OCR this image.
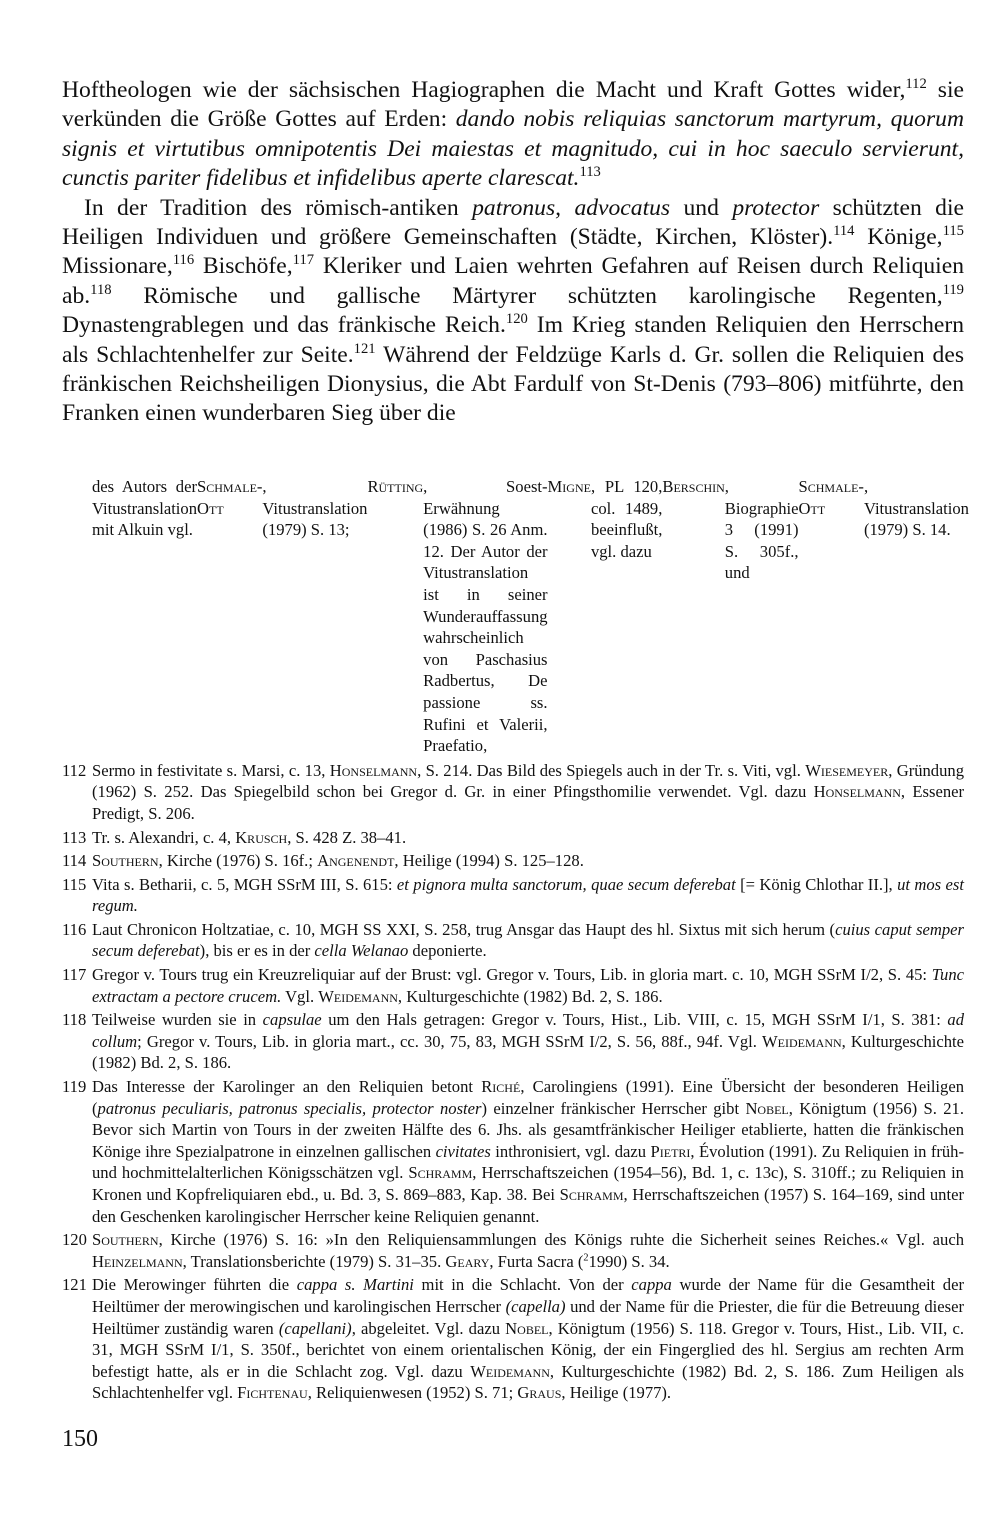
Hoftheologen wie der sächsischen Hagiographen die Macht und Kraft Gottes wider,$^{112}$ sie verkünden die Größe Gottes auf Erden: dando nobis reliquias sanctorum martyrum, quorum signis et virtutibus omnipotentis Dei maiestas et magnitudo, cui in hoc saeculo servierunt, cunctis pariter fidelibus et infidelibus aperte clarescat.$^{113}$

In der Tradition des römisch-antiken patronus, advocatus und protector schützten die Heiligen Individuen und größere Gemeinschaften (Städte, Kirchen, Klöster).$^{114}$ Könige,$^{115}$ Missionare,$^{116}$ Bischöfe,$^{117}$ Kleriker und Laien wehrten Gefahren auf Reisen durch Reliquien ab.$^{118}$ Römische und gallische Märtyrer schützten karolingische Regenten,$^{119}$ Dynastengrablegen und das fränkische Reich.$^{120}$ Im Krieg standen Reliquien den Herrschern als Schlachtenhelfer zur Seite.$^{121}$ Während der Feldzüge Karls d. Gr. sollen die Reliquien des fränkischen Reichsheiligen Dionysius, die Abt Fardulf von St-Denis (793–806) mitführte, den Franken einen wunderbaren Sieg über die

des Autors der Vitustranslation mit Alkuin vgl.
Schmale-Ott
, Vitustranslation (1979) S. 13;
Rütting , Soest-Erwähnung (1986) S. 26 Anm. 12. Der Autor der Vitustranslation ist in seiner Wunderauffassung wahrscheinlich von Paschasius Radbertus, De passione ss. Rufini et Valerii, Praefatio,
Migne , PL 120, col. 1489, beeinflußt, vgl. dazu
Berschin , Biographie 3 (1991) S. 305f., und
Schmale-Ott
, Vitustranslation (1979) S. 14.
112 Sermo in festivitate s. Marsi, c. 13, Honselmann, S. 214. Das Bild des Spiegels auch in der Tr. s. Viti, vgl. Wiesemeyer, Gründung (1962) S. 252. Das Spiegelbild schon bei Gregor d. Gr. in einer Pfingsthomilie verwendet. Vgl. dazu Honselmann, Essener Predigt, S. 206.
113 Tr. s. Alexandri, c. 4, Krusch, S. 428 Z. 38–41.
114 Southern, Kirche (1976) S. 16f.; Angenendt, Heilige (1994) S. 125–128.
115 Vita s. Betharii, c. 5, MGH SSrM III, S. 615: et pignora multa sanctorum, quae secum deferebat [= König Chlothar II.], ut mos est regum.
116 Laut Chronicon Holtzatiae, c. 10, MGH SS XXI, S. 258, trug Ansgar das Haupt des hl. Sixtus mit sich herum (cuius caput semper secum deferebat), bis er es in der cella Welanao deponierte.
117 Gregor v. Tours trug ein Kreuzreliquiar auf der Brust: vgl. Gregor v. Tours, Lib. in gloria mart. c. 10, MGH SSrM I/2, S. 45: Tunc extractam a pectore crucem. Vgl. Weidemann, Kulturgeschichte (1982) Bd. 2, S. 186.
118 Teilweise wurden sie in capsulae um den Hals getragen: Gregor v. Tours, Hist., Lib. VIII, c. 15, MGH SSrM I/1, S. 381: ad collum; Gregor v. Tours, Lib. in gloria mart., cc. 30, 75, 83, MGH SSrM I/2, S. 56, 88f., 94f. Vgl. Weidemann, Kulturgeschichte (1982) Bd. 2, S. 186.
119 Das Interesse der Karolinger an den Reliquien betont Riché, Carolingiens (1991). Eine Übersicht der besonderen Heiligen (patronus peculiaris, patronus specialis, protector noster) einzelner fränkischer Herrscher gibt Nobel, Königtum (1956) S. 21. Bevor sich Martin von Tours in der zweiten Hälfte des 6. Jhs. als gesamtfränkischer Heiliger etablierte, hatten die fränkischen Könige ihre Spezialpatrone in einzelnen gallischen civitates inthronisiert, vgl. dazu Pietri, Évolution (1991). Zu Reliquien in früh- und hochmittelalterlichen Königsschätzen vgl. Schramm, Herrschaftszeichen (1954–56), Bd. 1, c. 13c), S. 310ff.; zu Reliquien in Kronen und Kopfreliquiaren ebd., u. Bd. 3, S. 869–883, Kap. 38. Bei Schramm, Herrschaftszeichen (1957) S. 164–169, sind unter den Geschenken karolingischer Herrscher keine Reliquien genannt.
120 Southern, Kirche (1976) S. 16: »In den Reliquiensammlungen des Königs ruhte die Sicherheit seines Reiches.« Vgl. auch Heinzelmann, Translationsberichte (1979) S. 31–35. Geary, Furta Sacra ($^2$1990) S. 34.
121 Die Merowinger führten die cappa s. Martini mit in die Schlacht. Von der cappa wurde der Name für die Gesamtheit der Heiltümer der merowingischen und karolingischen Herrscher (capella) und der Name für die Priester, die für die Betreuung dieser Heiltümer zuständig waren (capellani), abgeleitet. Vgl. dazu Nobel, Königtum (1956) S. 118. Gregor v. Tours, Hist., Lib. VII, c. 31, MGH SSrM I/1, S. 350f., berichtet von einem orientalischen König, der ein Fingerglied des hl. Sergius am rechten Arm befestigt hatte, als er in die Schlacht zog. Vgl. dazu Weidemann, Kulturgeschichte (1982) Bd. 2, S. 186. Zum Heiligen als Schlachtenhelfer vgl. Fichtenau, Reliquienwesen (1952) S. 71; Graus, Heilige (1977).
150
